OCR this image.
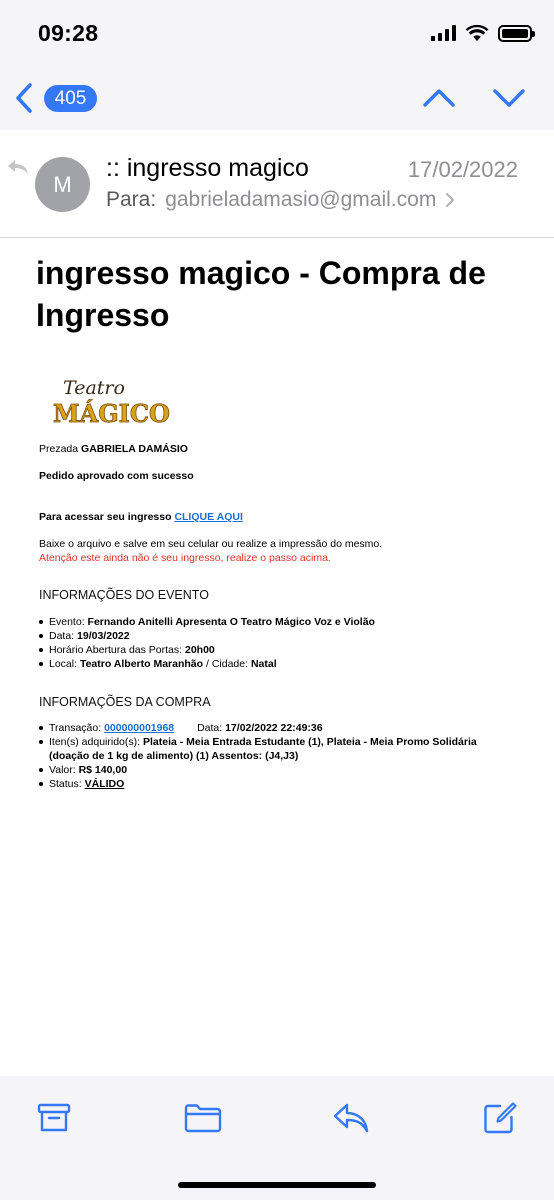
09:28
405
M
:: ingresso magico	17/02/2022
Para: gabrieladamasio@gmail.com
ingresso magico - Compra de Ingresso
Teatro
MÁGICO
Prezada GABRIELA DAMÁSIO
Pedido aprovado com sucesso
Para acessar seu ingresso CLIQUE AQUI
Baixe o arquivo e salve em seu celular ou realize a impressão do mesmo.
Atenção este ainda não é seu ingresso, realize o passo acima.
INFORMAÇÕES DO EVENTO
Evento: Fernando Anitelli Apresenta O Teatro Mágico Voz e Violão
Data: 19/03/2022
Horário Abertura das Portas: 20h00
Local: Teatro Alberto Maranhão / Cidade: Natal
INFORMAÇÕES DA COMPRA
Transação: 000000001968 Data: 17/02/2022 22:49:36
Iten(s) adquirido(s): Plateia - Meia Entrada Estudante (1), Plateia - Meia Promo Solidária (doação de 1 kg de alimento) (1) Assentos: (J4,J3)
Valor: R$ 140,00
Status: VÁLIDO
